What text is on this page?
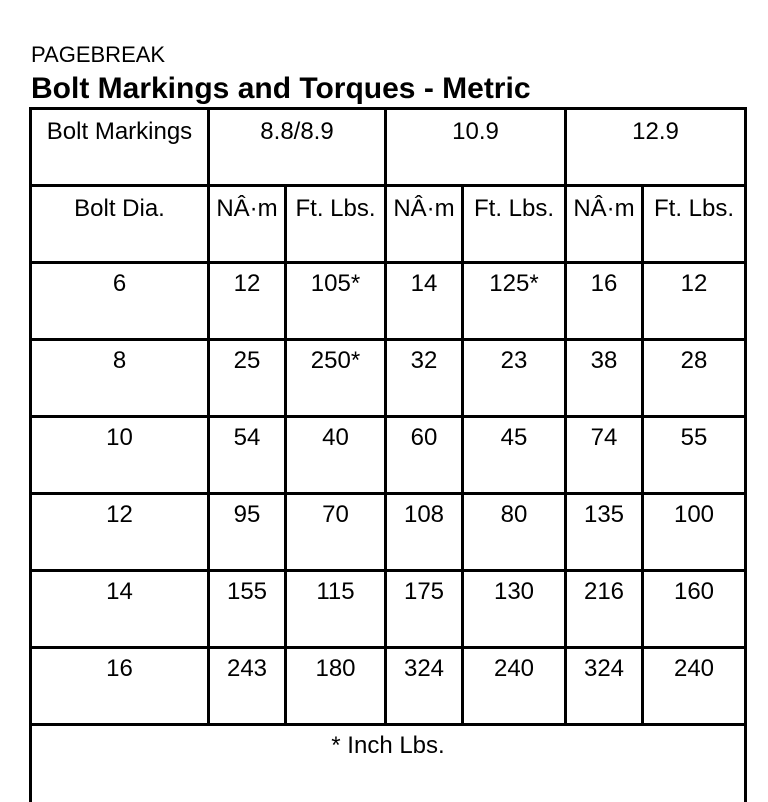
PAGEBREAK
Bolt Markings and Torques - Metric
Bolt Markings	8.8/8.9		10.9		12.9	
Bolt Dia.	NÂ·m	Ft. Lbs.	NÂ·m	Ft. Lbs.	NÂ·m	Ft. Lbs.
6	12	105*	14	125*	16	12
8	25	250*	32	23	38	28
10	54	40	60	45	74	55
12	95	70	108	80	135	100
14	155	115	175	130	216	160
16	243	180	324	240	324	240
* Inch Lbs.						
